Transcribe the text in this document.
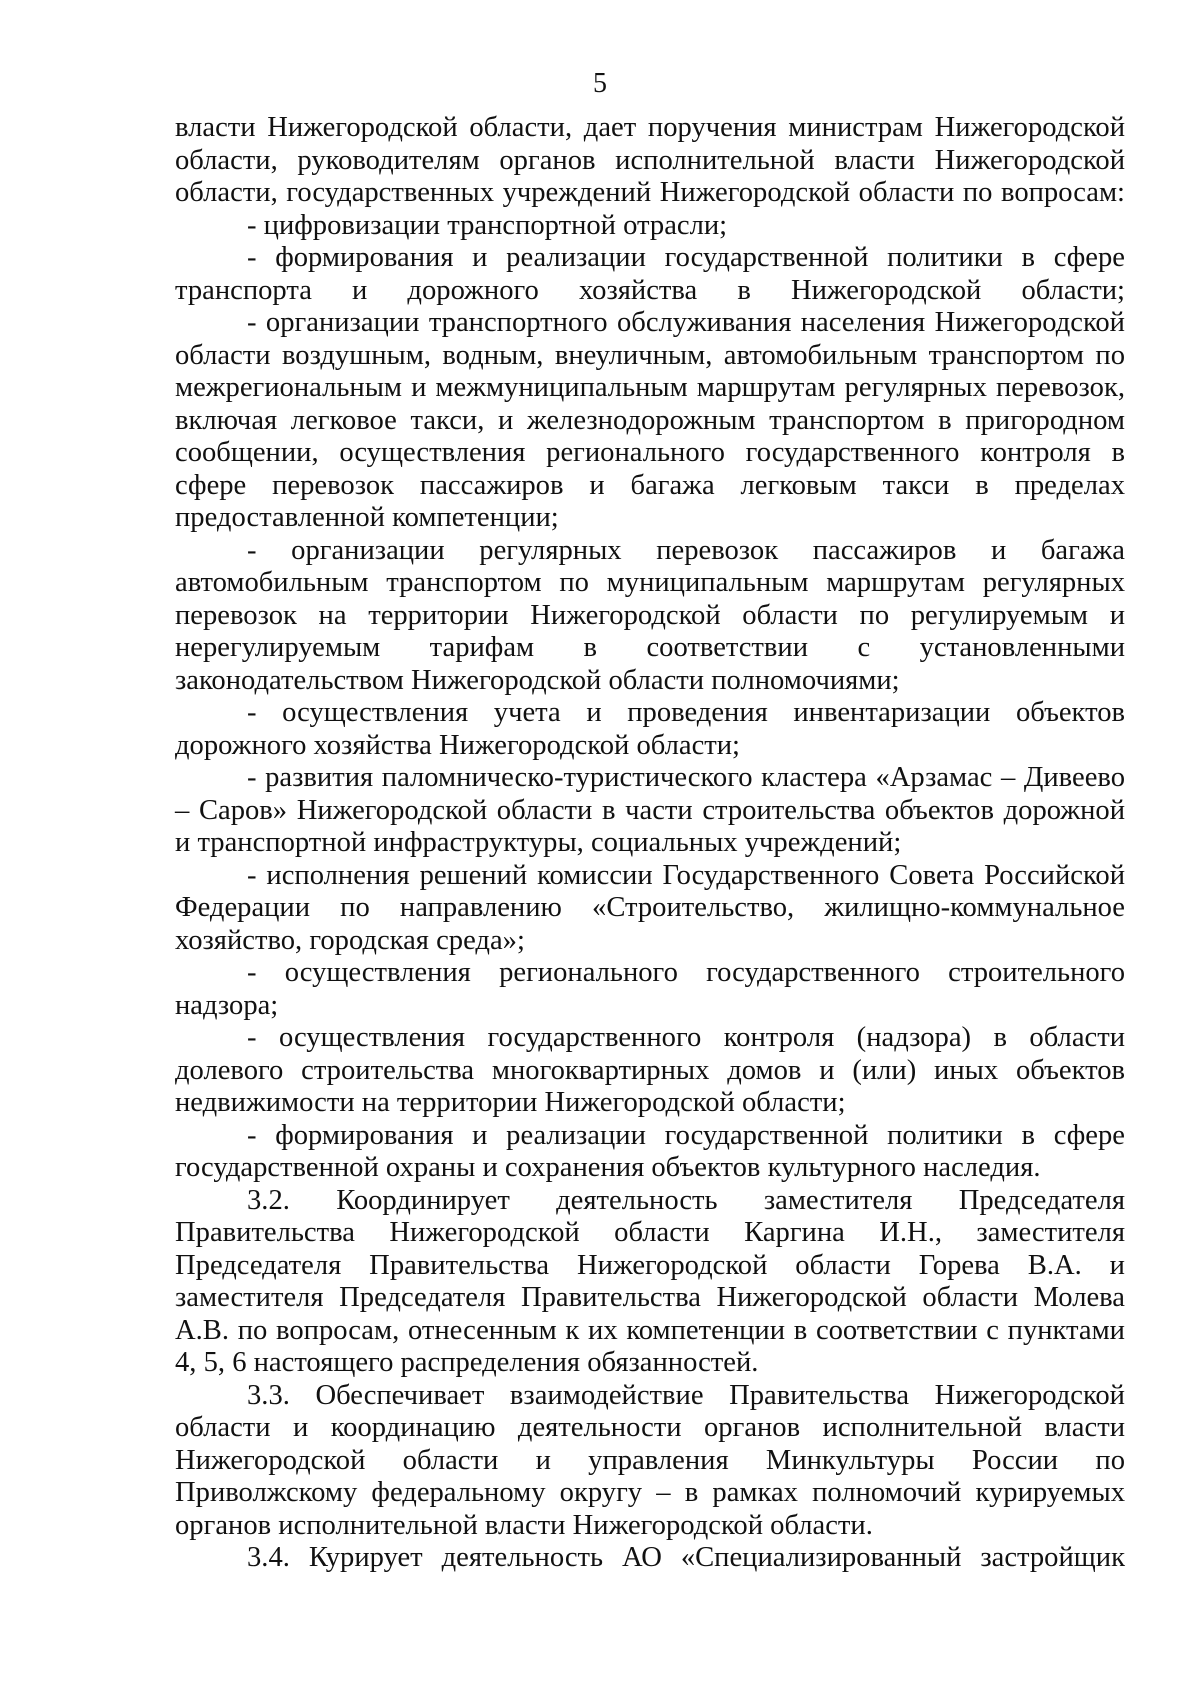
5

власти Нижегородской области, дает поручения министрам Нижегородской области, руководителям органов исполнительной власти Нижегородской области, государственных учреждений Нижегородской области по вопросам:

- цифровизации транспортной отрасли;

- формирования и реализации государственной политики в сфере транспорта и дорожного хозяйства в Нижегородской области;

- организации транспортного обслуживания населения Нижегородской области воздушным, водным, внеуличным, автомобильным транспортом по межрегиональным и межмуниципальным маршрутам регулярных перевозок, включая легковое такси, и железнодорожным транспортом в пригородном сообщении, осуществления регионального государственного контроля в сфере перевозок пассажиров и багажа легковым такси в пределах предоставленной компетенции;

- организации регулярных перевозок пассажиров и багажа автомобильным транспортом по муниципальным маршрутам регулярных перевозок на территории Нижегородской области по регулируемым и нерегулируемым тарифам в соответствии с установленными законодательством Нижегородской области полномочиями;

- осуществления учета и проведения инвентаризации объектов дорожного хозяйства Нижегородской области;

- развития паломническо-туристического кластера «Арзамас – Дивеево – Саров» Нижегородской области в части строительства объектов дорожной и транспортной инфраструктуры, социальных учреждений;

- исполнения решений комиссии Государственного Совета Российской Федерации по направлению «Строительство, жилищно-коммунальное хозяйство, городская среда»;

- осуществления регионального государственного строительного надзора;

- осуществления государственного контроля (надзора) в области долевого строительства многоквартирных домов и (или) иных объектов недвижимости на территории Нижегородской области;

- формирования и реализации государственной политики в сфере государственной охраны и сохранения объектов культурного наследия.

3.2. Координирует деятельность заместителя Председателя Правительства Нижегородской области Каргина И.Н., заместителя Председателя Правительства Нижегородской области Горева В.А. и заместителя Председателя Правительства Нижегородской области Молева А.В. по вопросам, отнесенным к их компетенции в соответствии с пунктами 4, 5, 6 настоящего распределения обязанностей.

3.3. Обеспечивает взаимодействие Правительства Нижегородской области и координацию деятельности органов исполнительной власти Нижегородской области и управления Минкультуры России по Приволжскому федеральному округу – в рамках полномочий курируемых органов исполнительной власти Нижегородской области.

3.4. Курирует деятельность АО «Специализированный застройщик
